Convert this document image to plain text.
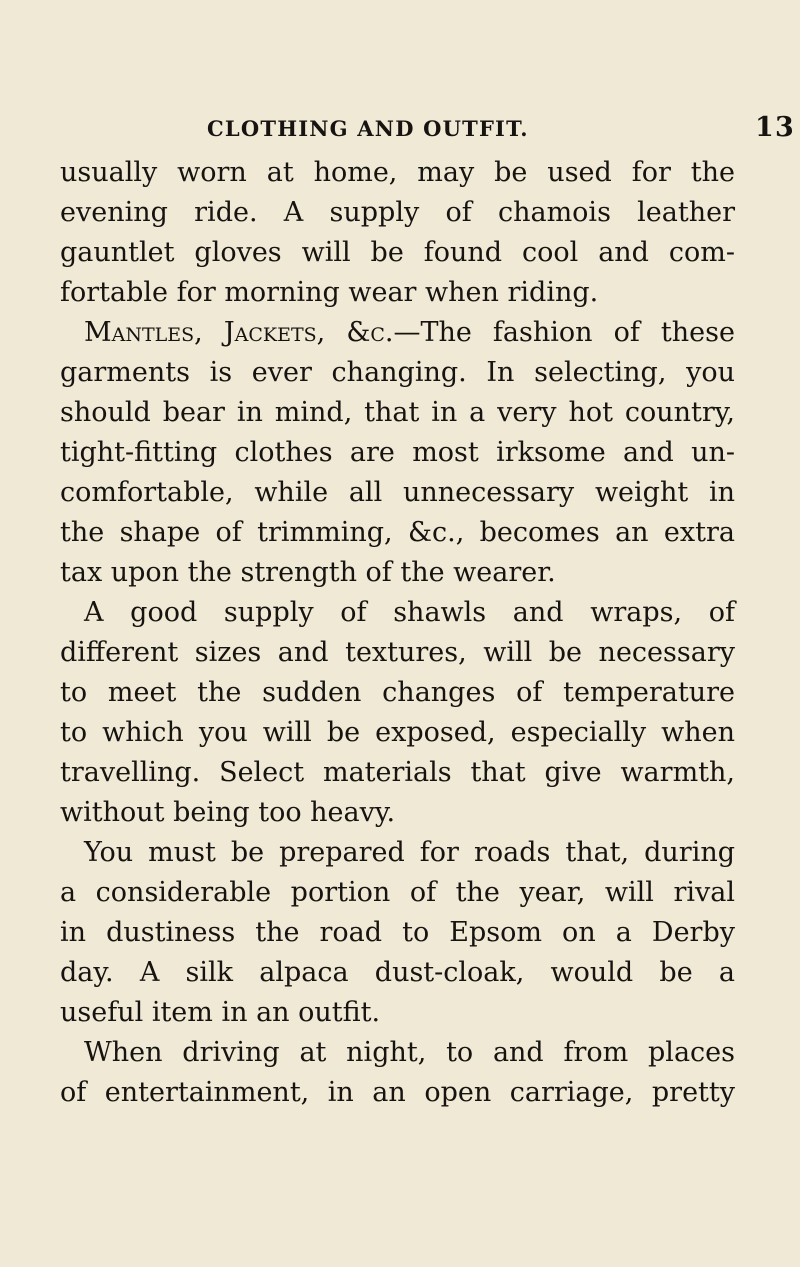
CLOTHING AND OUTFIT.	13
usually worn at home, may be used for the
evening ride. A supply of chamois leather
gauntlet gloves will be found cool and com-
fortable for morning wear when riding.
Mantles, Jackets, &c.—The fashion of these
garments is ever changing. In selecting, you
should bear in mind, that in a very hot country,
tight-fitting clothes are most irksome and un-
comfortable, while all unnecessary weight in
the shape of trimming, &c., becomes an extra
tax upon the strength of the wearer.
A good supply of shawls and wraps, of
different sizes and textures, will be necessary
to meet the sudden changes of temperature
to which you will be exposed, especially when
travelling. Select materials that give warmth,
without being too heavy.
You must be prepared for roads that, during
a considerable portion of the year, will rival
in dustiness the road to Epsom on a Derby
day. A silk alpaca dust-cloak, would be a
useful item in an outfit.
When driving at night, to and from places
of entertainment, in an open carriage, pretty
